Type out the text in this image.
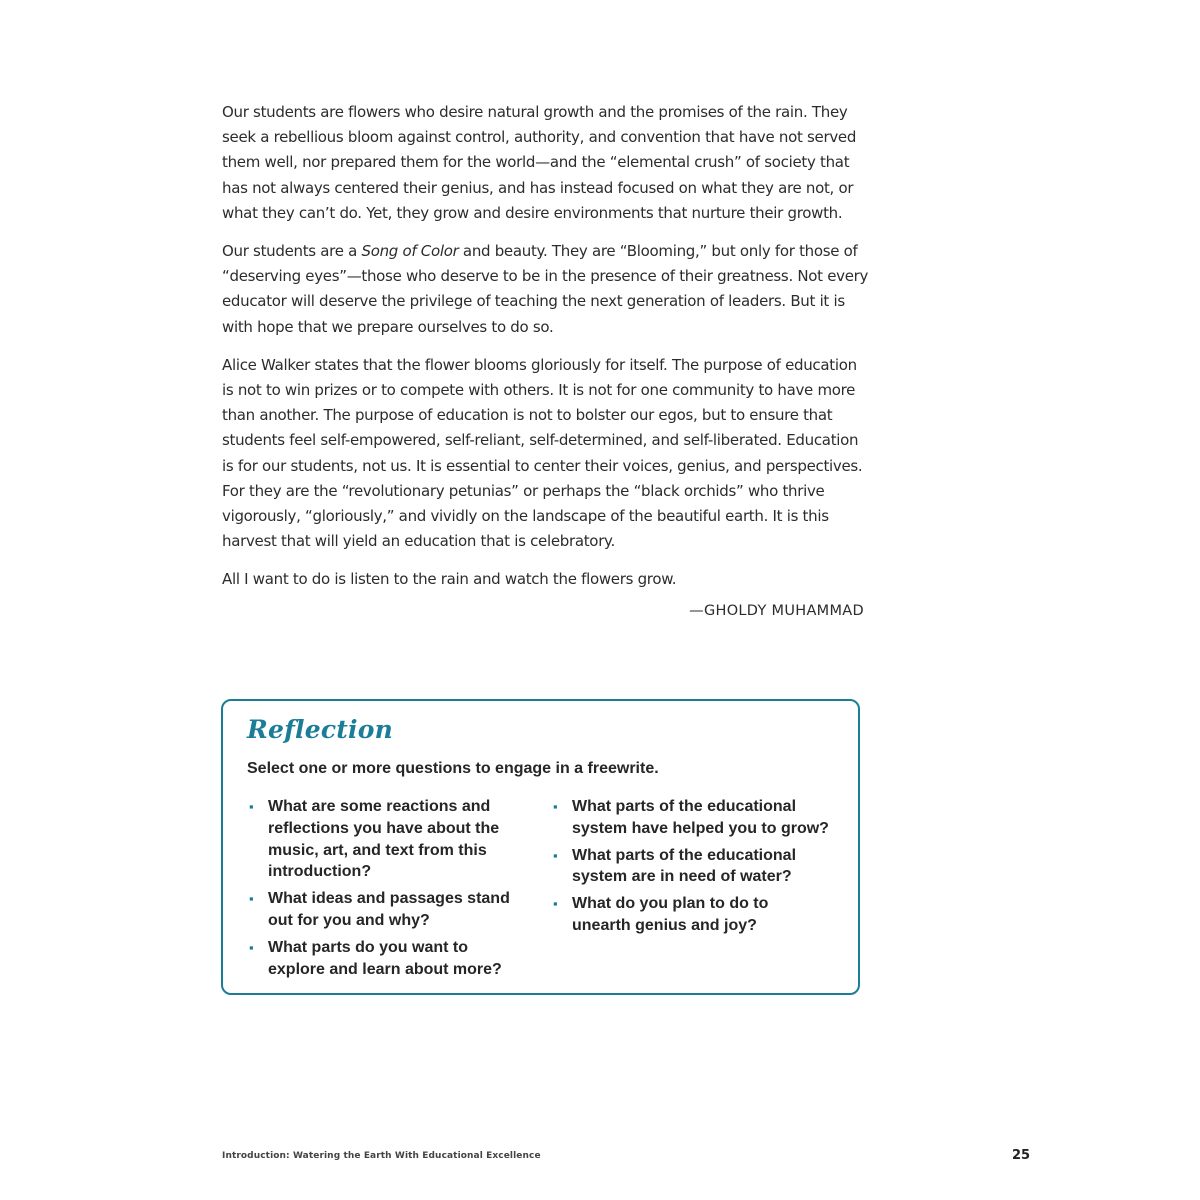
Our students are flowers who desire natural growth and the promises of the rain. They seek a rebellious bloom against control, authority, and convention that have not served them well, nor prepared them for the world—and the “elemental crush” of society that has not always centered their genius, and has instead focused on what they are not, or what they can’t do. Yet, they grow and desire environments that nurture their growth.

Our students are a Song of Color and beauty. They are “Blooming,” but only for those of “deserving eyes”—those who deserve to be in the presence of their greatness. Not every educator will deserve the privilege of teaching the next generation of leaders. But it is with hope that we prepare ourselves to do so.

Alice Walker states that the flower blooms gloriously for itself. The purpose of education is not to win prizes or to compete with others. It is not for one community to have more than another. The purpose of education is not to bolster our egos, but to ensure that students feel self-empowered, self-reliant, self-determined, and self-liberated. Education is for our students, not us. It is essential to center their voices, genius, and perspectives. For they are the “revolutionary petunias” or perhaps the “black orchids” who thrive vigorously, “gloriously,” and vividly on the landscape of the beautiful earth. It is this harvest that will yield an education that is celebratory.

All I want to do is listen to the rain and watch the flowers grow.

—GHOLDY MUHAMMAD
Reflection
Select one or more questions to engage in a freewrite.
▪ What are some reactions and reflections you have about the music, art, and text from this introduction?
▪ What ideas and passages stand out for you and why?
▪ What parts do you want to explore and learn about more?
▪ What parts of the educational system have helped you to grow?
▪ What parts of the educational system are in need of water?
▪ What do you plan to do to unearth genius and joy?
Introduction: Watering the Earth With Educational Excellence	25
